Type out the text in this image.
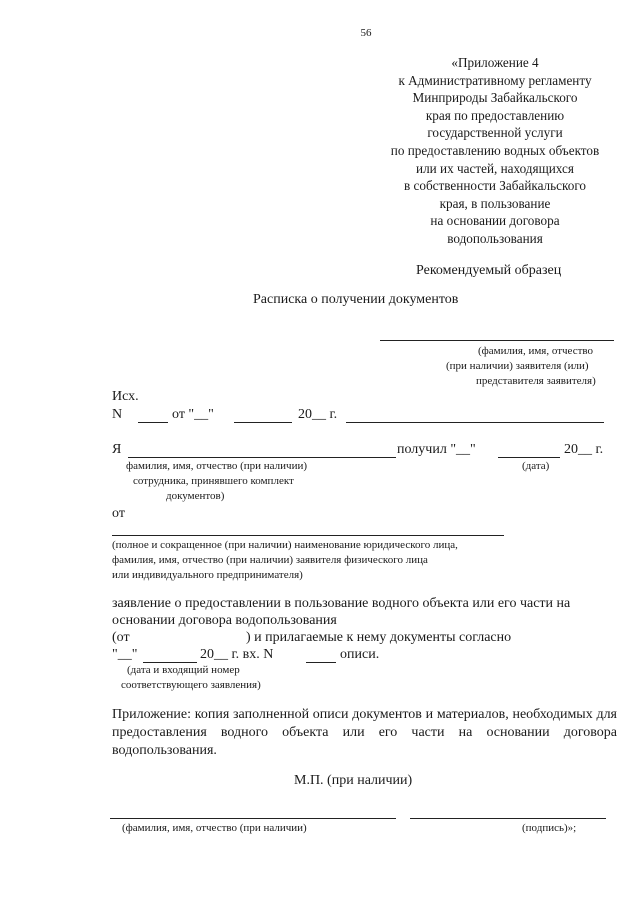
56
«Приложение 4
к Административному регламенту
Минприроды Забайкальского
края по предоставлению
государственной услуги
по предоставлению водных объектов
или их частей, находящихся
в собственности Забайкальского
края, в пользование
на основании договора
водопользования
Рекомендуемый образец
Расписка о получении документов
(фамилия, имя, отчество
(при наличии) заявителя (или)
представителя заявителя)
Исх.
N	от "__"	20__ г.
Я	получил "__"	20__ г.
фамилия, имя, отчество (при наличии)
сотрудника, принявшего комплект
документов)
(дата)
от
(полное и сокращенное (при наличии) наименование юридического лица,
фамилия, имя, отчество (при наличии) заявителя физического лица
или индивидуального предпринимателя)
заявление о предоставлении в пользование водного объекта или его части на
основании договора водопользования
(от	) и прилагаемые к нему документы согласно
"__"	20__ г. вх. N	описи.
(дата и входящий номер
соответствующего заявления)
Приложение: копия заполненной описи документов и материалов, необходимых для предоставления водного объекта или его части на основании договора водопользования.
М.П. (при наличии)
(фамилия, имя, отчество (при наличии)	(подпись)»;
